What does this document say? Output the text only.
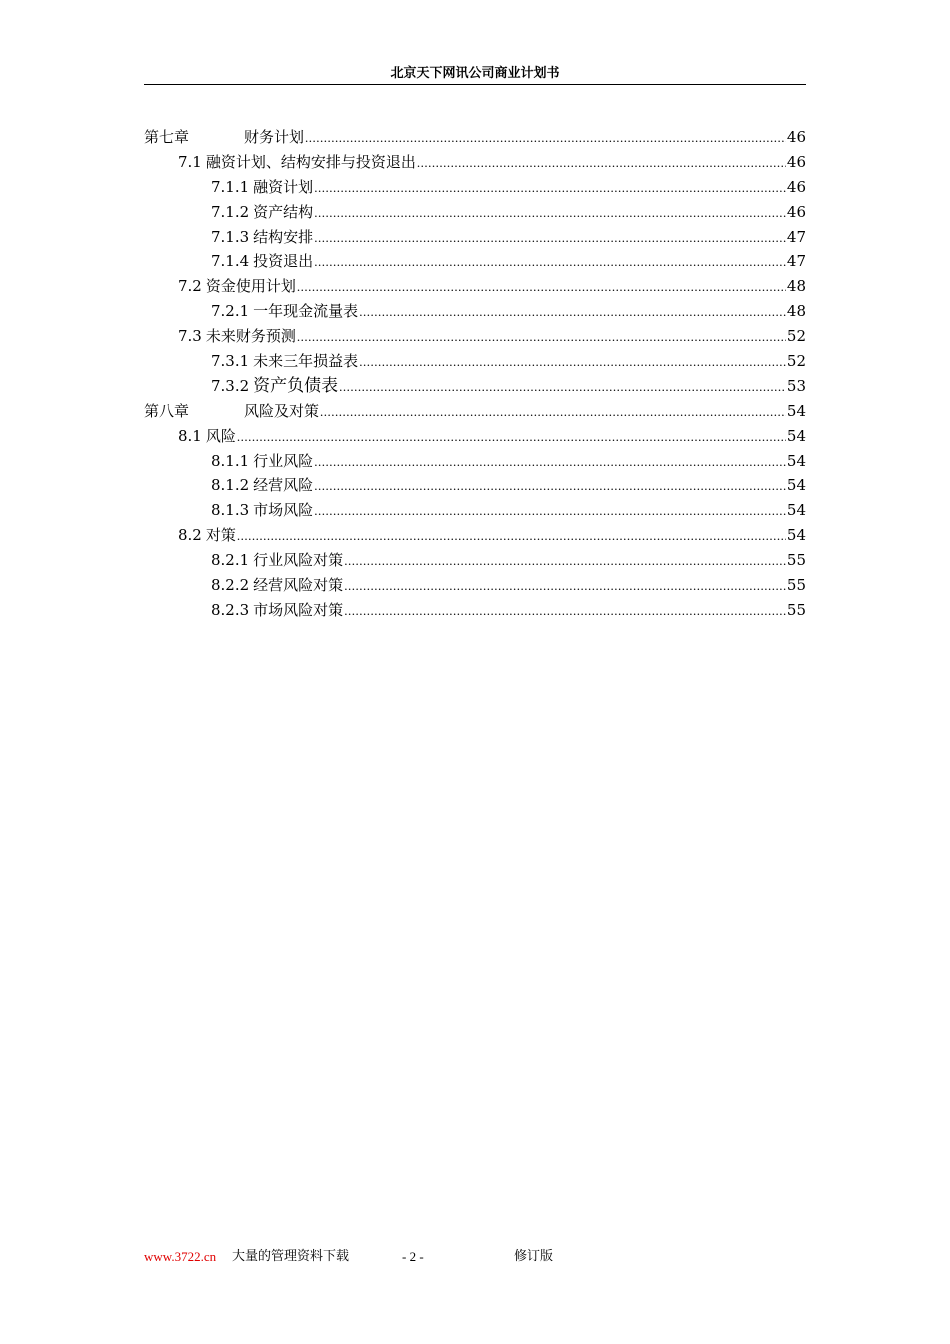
北京天下网讯公司商业计划书
第七章	财务计划 .....	46
7.1 融资计划、结构安排与投资退出 .....	46
7.1.1 融资计划 .....	46
7.1.2 资产结构 .....	46
7.1.3 结构安排 .....	47
7.1.4 投资退出 .....	47
7.2 资金使用计划 .....	48
7.2.1 一年现金流量表 .....	48
7.3 未来财务预测 .....	52
7.3.1 未来三年损益表 .....	52
7.3.2 资产负债表 .....	53
第八章	风险及对策 .....	54
8.1 风险 .....	54
8.1.1 行业风险 .....	54
8.1.2 经营风险 .....	54
8.1.3 市场风险 .....	54
8.2 对策 .....	54
8.2.1 行业风险对策 .....	55
8.2.2 经营风险对策 .....	55
8.2.3 市场风险对策 .....	55
www.3722.cn 大量的管理资料下载	- 2 -	修订版
